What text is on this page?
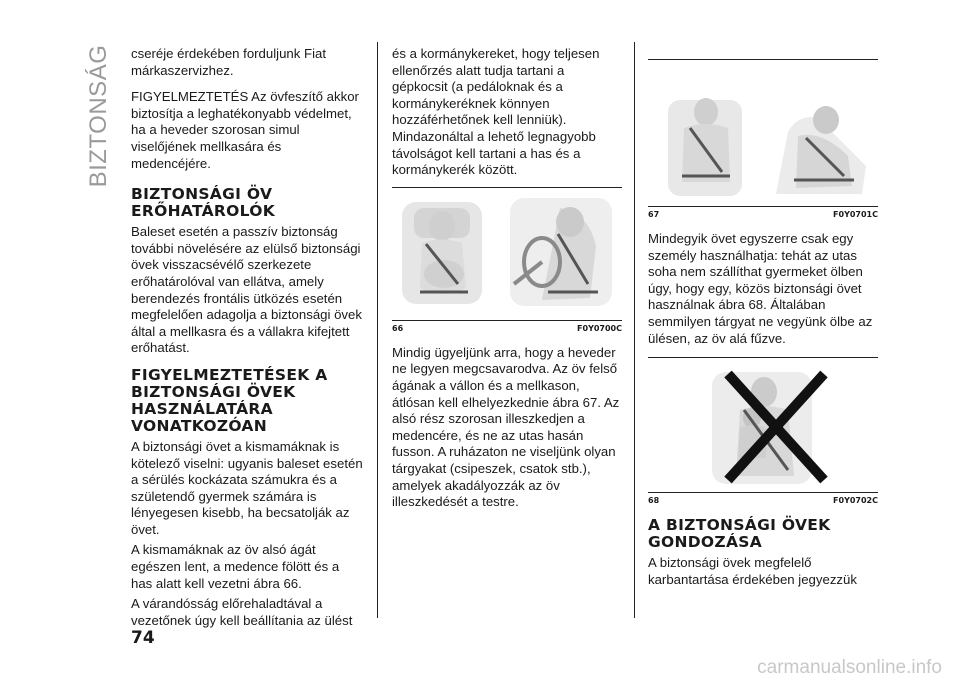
BIZTONSÁG cseréje érdekében forduljunk Fiat márkaszervizhez.

FIGYELMEZTETÉS Az övfeszítő akkor biztosítja a leghatékonyabb védelmet, ha a heveder szorosan simul viselőjének mellkasára és medencéjére.

BIZTONSÁGI ÖV ERŐHATÁROLÓK

Baleset esetén a passzív biztonság további növelésére az elülső biztonsági övek visszacsévélő szerkezete erőhatárolóval van ellátva, amely berendezés frontális ütközés esetén megfelelően adagolja a biztonsági övek által a mellkasra és a vállakra kifejtett erőhatást.

FIGYELMEZTETÉSEK A BIZTONSÁGI ÖVEK HASZNÁLATÁRA VONATKOZÓAN

A biztonsági övet a kismamáknak is kötelező viselni: ugyanis baleset esetén a sérülés kockázata számukra és a születendő gyermek számára is lényegesen kisebb, ha becsatolják az övet.

A kismamáknak az öv alsó ágát egészen lent, a medence fölött és a has alatt kell vezetni ábra 66.

A várandósság előrehaladtával a vezetőnek úgy kell beállítania az ülést

és a kormánykereket, hogy teljesen ellenőrzés alatt tudja tartani a gépkocsit (a pedáloknak és a kormánykeréknek könnyen hozzáférhetőnek kell lenniük). Mindazonáltal a lehető legnagyobb távolságot kell tartani a has és a kormánykerék között.

66	F0Y0700C

Mindig ügyeljünk arra, hogy a heveder ne legyen megcsavarodva. Az öv felső ágának a vállon és a mellkason, átlósan kell elhelyezkednie ábra 67. Az alsó rész szorosan illeszkedjen a medencére, és ne az utas hasán fusson. A ruházaton ne viseljünk olyan tárgyakat (csipeszek, csatok stb.), amelyek akadályozzák az öv illeszkedését a testre.

67	F0Y0701C

Mindegyik övet egyszerre csak egy személy használhatja: tehát az utas soha nem szállíthat gyermeket ölben úgy, hogy egy, közös biztonsági övet használnak ábra 68. Általában semmilyen tárgyat ne vegyünk ölbe az ülésen, az öv alá fűzve.

68	F0Y0702C
A BIZTONSÁGI ÖVEK GONDOZÁSA

A biztonsági övek megfelelő karbantartása érdekében jegyezzük

74
carmanualsonline.info
